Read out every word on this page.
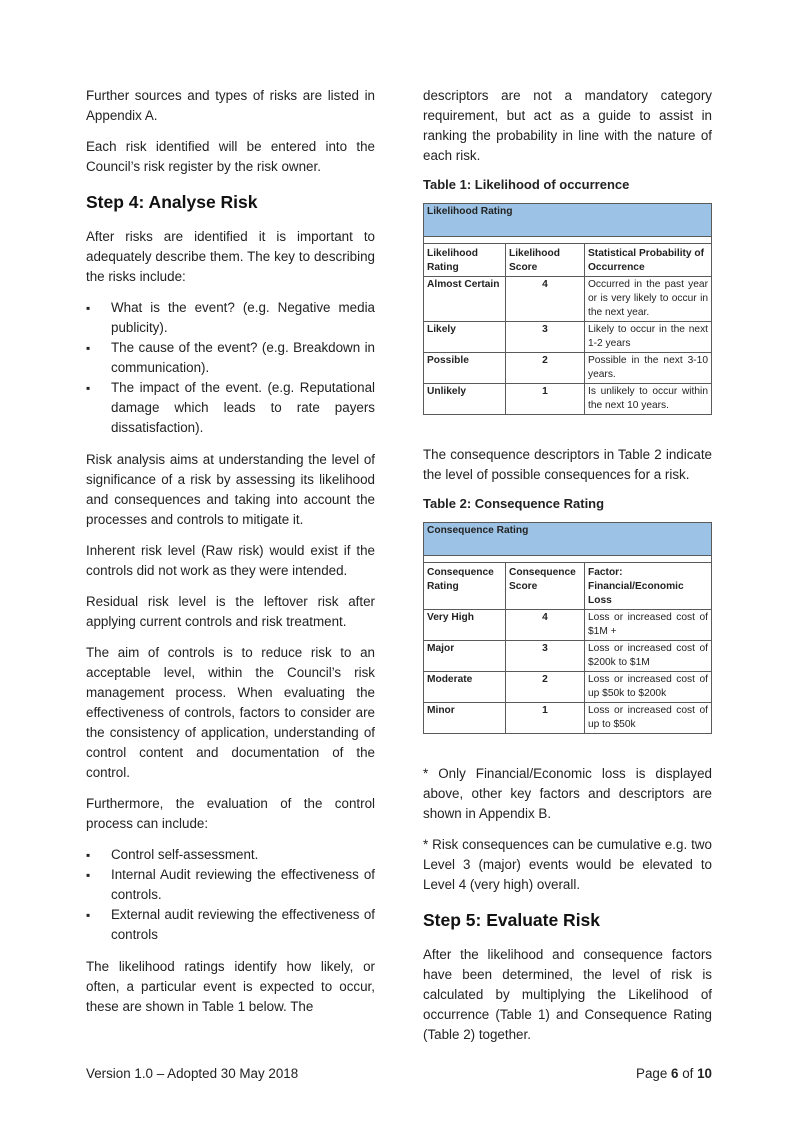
Further sources and types of risks are listed in Appendix A.

Each risk identified will be entered into the Council’s risk register by the risk owner.

Step 4: Analyse Risk

After risks are identified it is important to adequately describe them. The key to describing the risks include:

▪ What is the event? (e.g. Negative media publicity).
▪ The cause of the event? (e.g. Breakdown in communication).
▪ The impact of the event. (e.g. Reputational damage which leads to rate payers dissatisfaction).

Risk analysis aims at understanding the level of significance of a risk by assessing its likelihood and consequences and taking into account the processes and controls to mitigate it.

Inherent risk level (Raw risk) would exist if the controls did not work as they were intended.

Residual risk level is the leftover risk after applying current controls and risk treatment.

The aim of controls is to reduce risk to an acceptable level, within the Council’s risk management process. When evaluating the effectiveness of controls, factors to consider are the consistency of application, understanding of control content and documentation of the control.

Furthermore, the evaluation of the control process can include:

▪ Control self-assessment.
▪ Internal Audit reviewing the effectiveness of controls.
▪ External audit reviewing the effectiveness of controls

The likelihood ratings identify how likely, or often, a particular event is expected to occur, these are shown in Table 1 below. The

descriptors are not a mandatory category requirement, but act as a guide to assist in ranking the probability in line with the nature of each risk.

Table 1: Likelihood of occurrence
Likelihood Rating		

Likelihood Rating	Likelihood Score	Statistical Probability of Occurrence
Almost Certain	4	Occurred in the past year or is very likely to occur in the next year.
Likely	3	Likely to occur in the next 1-2 years
Possible	2	Possible in the next 3-10 years.
Unlikely	1	Is unlikely to occur within the next 10 years.

The consequence descriptors in Table 2 indicate the level of possible consequences for a risk.

Table 2: Consequence Rating
Consequence Rating		

Consequence Rating	Consequence Score	Factor: Financial/Economic Loss
Very High	4	Loss or increased cost of $1M +
Major	3	Loss or increased cost of $200k to $1M
Moderate	2	Loss or increased cost of up $50k to $200k
Minor	1	Loss or increased cost of up to $50k

* Only Financial/Economic loss is displayed above, other key factors and descriptors are shown in Appendix B.

* Risk consequences can be cumulative e.g. two Level 3 (major) events would be elevated to Level 4 (very high) overall.

Step 5: Evaluate Risk

After the likelihood and consequence factors have been determined, the level of risk is calculated by multiplying the Likelihood of occurrence (Table 1) and Consequence Rating (Table 2) together.

Version 1.0 – Adopted 30 May 2018	Page 6 of 10
